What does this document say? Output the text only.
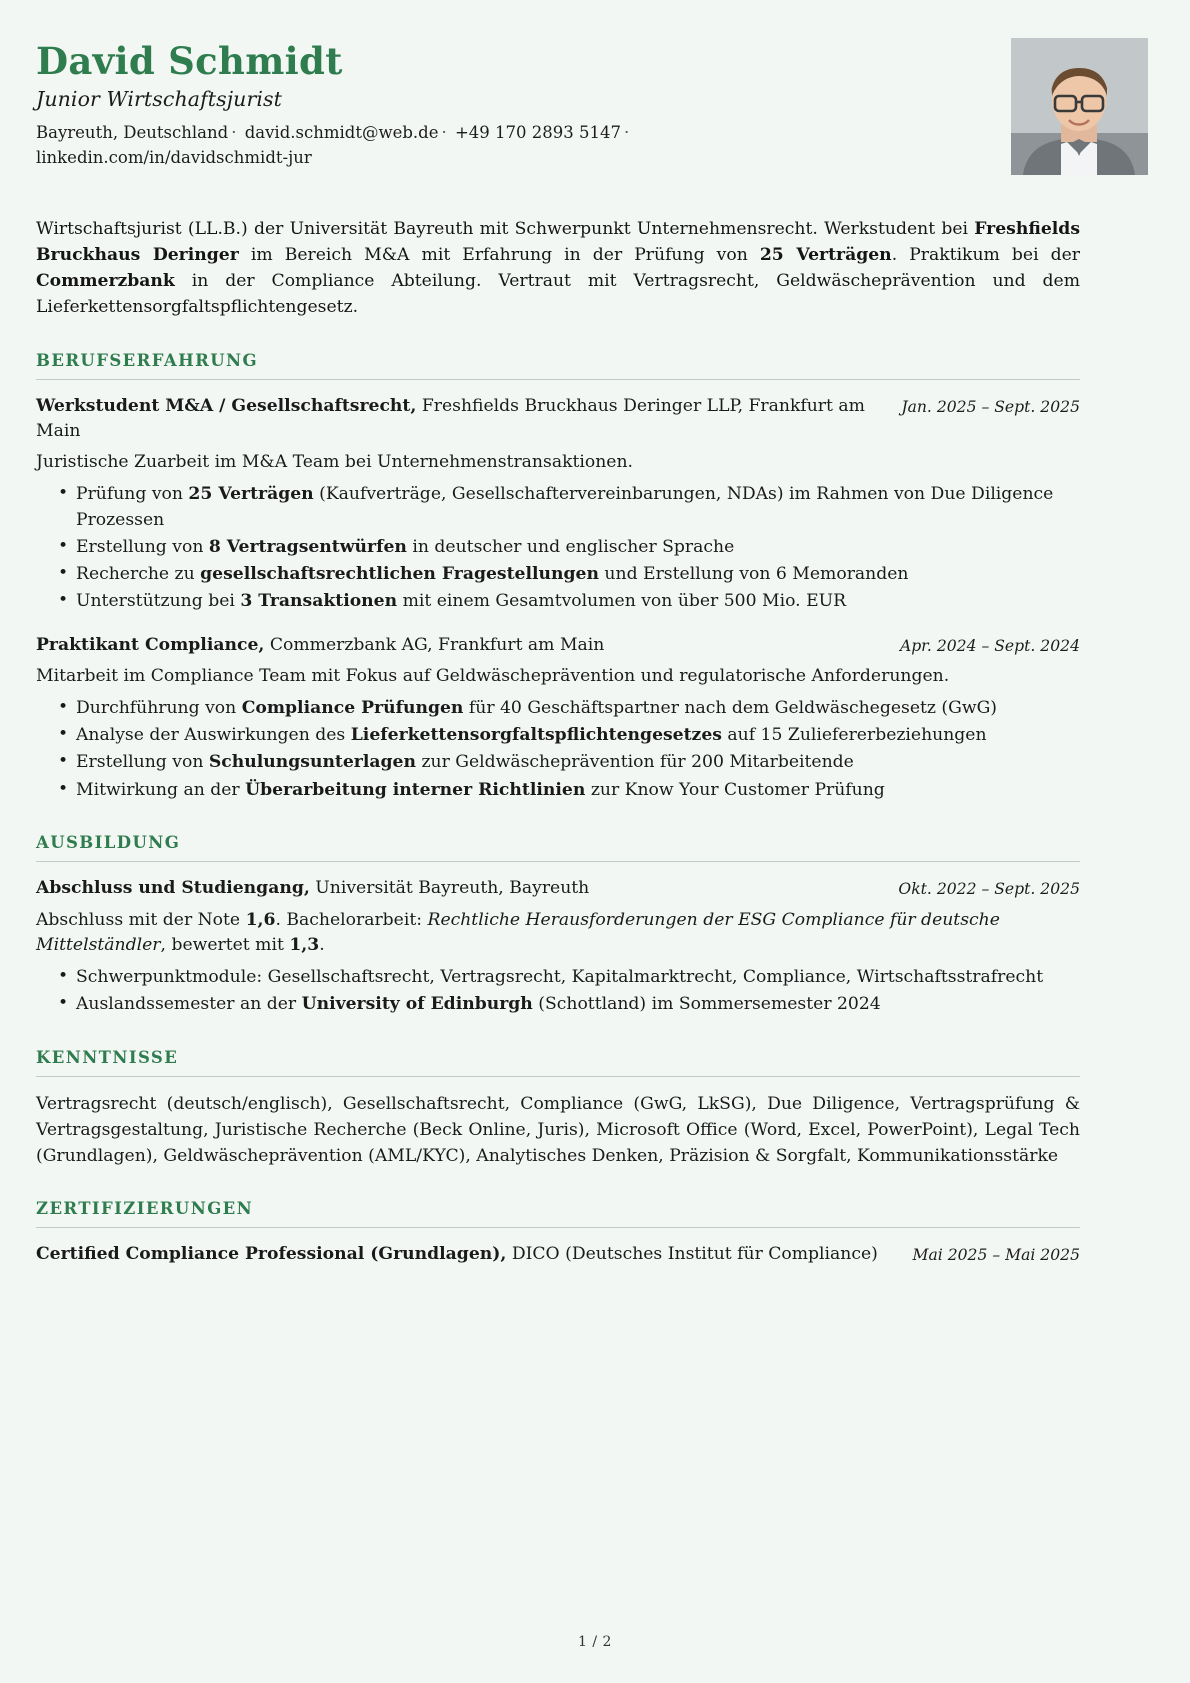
David Schmidt
Junior Wirtschaftsjurist
Bayreuth, Deutschland · david.schmidt@web.de · +49 170 2893 5147 · linkedin.com/in/davidschmidt-jur
Wirtschaftsjurist (LL.B.) der Universität Bayreuth mit Schwerpunkt Unternehmensrecht. Werkstudent bei Freshfields Bruckhaus Deringer im Bereich M&A mit Erfahrung in der Prüfung von 25 Verträgen. Praktikum bei der Commerzbank in der Compliance Abteilung. Vertraut mit Vertragsrecht, Geldwäscheprävention und dem Lieferkettensorgfaltspflichtengesetz.
BERUFSERFAHRUNG
Werkstudent M&A / Gesellschaftsrecht, Freshfields Bruckhaus Deringer LLP, Frankfurt am Main
Jan. 2025 – Sept. 2025
Juristische Zuarbeit im M&A Team bei Unternehmenstransaktionen.
• Prüfung von 25 Verträgen (Kaufverträge, Gesellschaftervereinbarungen, NDAs) im Rahmen von Due Diligence Prozessen
• Erstellung von 8 Vertragsentwürfen in deutscher und englischer Sprache
• Recherche zu gesellschaftsrechtlichen Fragestellungen und Erstellung von 6 Memoranden
• Unterstützung bei 3 Transaktionen mit einem Gesamtvolumen von über 500 Mio. EUR
Praktikant Compliance, Commerzbank AG, Frankfurt am Main	Apr. 2024 – Sept. 2024
Mitarbeit im Compliance Team mit Fokus auf Geldwäscheprävention und regulatorische Anforderungen.
• Durchführung von Compliance Prüfungen für 40 Geschäftspartner nach dem Geldwäschegesetz (GwG)
• Analyse der Auswirkungen des Lieferkettensorgfaltspflichtengesetzes auf 15 Zuliefererbeziehungen
• Erstellung von Schulungsunterlagen zur Geldwäscheprävention für 200 Mitarbeitende
• Mitwirkung an der Überarbeitung interner Richtlinien zur Know Your Customer Prüfung
AUSBILDUNG
Abschluss und Studiengang, Universität Bayreuth, Bayreuth	Okt. 2022 – Sept. 2025
Abschluss mit der Note 1,6. Bachelorarbeit: Rechtliche Herausforderungen der ESG Compliance für deutsche Mittelständler, bewertet mit 1,3.
• Schwerpunktmodule: Gesellschaftsrecht, Vertragsrecht, Kapitalmarktrecht, Compliance, Wirtschaftsstrafrecht
• Auslandssemester an der University of Edinburgh (Schottland) im Sommersemester 2024
KENNTNISSE
Vertragsrecht (deutsch/englisch), Gesellschaftsrecht, Compliance (GwG, LkSG), Due Diligence, Vertragsprüfung & Vertragsgestaltung, Juristische Recherche (Beck Online, Juris), Microsoft Office (Word, Excel, PowerPoint), Legal Tech (Grundlagen), Geldwäscheprävention (AML/KYC), Analytisches Denken, Präzision & Sorgfalt, Kommunikationsstärke
ZERTIFIZIERUNGEN
Certified Compliance Professional (Grundlagen), DICO (Deutsches Institut für Compliance) Mai 2025 – Mai 2025
1 / 2
